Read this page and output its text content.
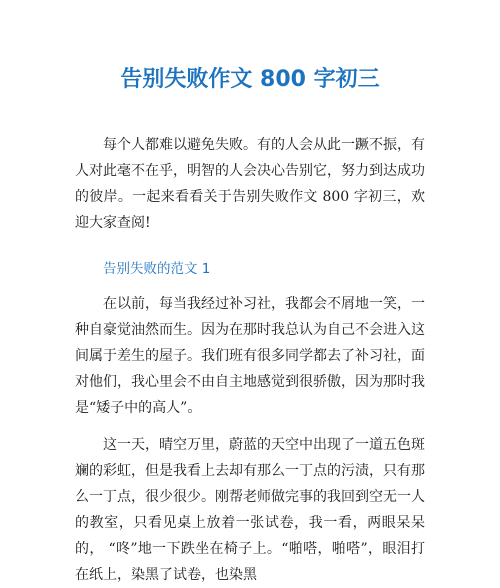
告别失败作文 800 字初三

每个人都难以避免失败。有的人会从此一蹶不振，有人对此毫不在乎，明智的人会决心告别它，努力到达成功的彼岸。一起来看看关于告别失败作文 800 字初三，欢迎大家查阅!

告别失败的范文 1

在以前，每当我经过补习社，我都会不屑地一笑，一种自豪觉油然而生。因为在那时我总认为自己不会进入这间属于差生的屋子。我们班有很多同学都去了补习社，面对他们，我心里会不由自主地感觉到很骄傲，因为那时我是“矮子中的高人”。

这一天，晴空万里，蔚蓝的天空中出现了一道五色斑斓的彩虹，但是我看上去却有那么一丁点的污渍，只有那么一丁点，很少很少。刚帮老师做完事的我回到空无一人的教室，只看见桌上放着一张试卷，我一看，两眼呆呆的， “咚”地一下跌坐在椅子上。“啪嗒，啪嗒”，眼泪打在纸上，染黑了试卷，也染黑
